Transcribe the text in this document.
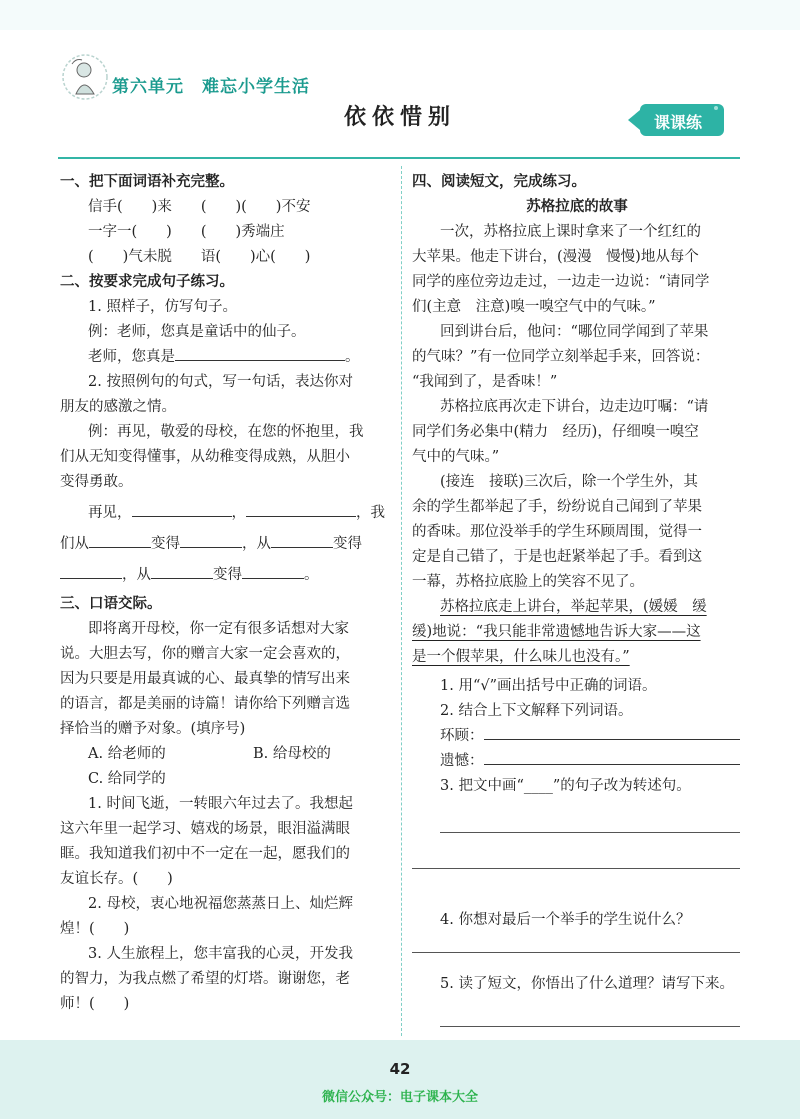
第六单元 难忘小学生活
依依惜别	课课练
一、把下面词语补充完整。
信手(　　)来　　(　　)(　　)不安
一字一(　　)　　(　　)秀端庄
(　　)气未脱　　语(　　)心(　　)
二、按要求完成句子练习。
1. 照样子，仿写句子。
例：老师，您真是童话中的仙子。
老师，您真是	。
2. 按照例句的句式，写一句话，表达你对
朋友的感激之情。
例：再见，敬爱的母校，在您的怀抱里，我
们从无知变得懂事，从幼稚变得成熟，从胆小
变得勇敢。
再见，	，	，我
们从	变得	，从	变得
，从	变得	。
三、口语交际。
即将离开母校，你一定有很多话想对大家
说。大胆去写，你的赠言大家一定会喜欢的，
因为只要是用最真诚的心、最真挚的情写出来
的语言，都是美丽的诗篇！请你给下列赠言选
择恰当的赠予对象。(填序号)
A. 给老师的	B. 给母校的
C. 给同学的
1. 时间飞逝，一转眼六年过去了。我想起
这六年里一起学习、嬉戏的场景，眼泪溢满眼
眶。我知道我们初中不一定在一起，愿我们的
友谊长存。(　　)
2. 母校，衷心地祝福您蒸蒸日上、灿烂辉
煌！(　　)
3. 人生旅程上，您丰富我的心灵，开发我
的智力，为我点燃了希望的灯塔。谢谢您，老
师！(　　)
四、阅读短文，完成练习。
苏格拉底的故事
一次，苏格拉底上课时拿来了一个红红的
大苹果。他走下讲台，(漫漫　慢慢)地从每个
同学的座位旁边走过，一边走一边说：“请同学
们(主意　注意)嗅一嗅空气中的气味。”
回到讲台后，他问：“哪位同学闻到了苹果
的气味？”有一位同学立刻举起手来，回答说：
“我闻到了，是香味！”
苏格拉底再次走下讲台，边走边叮嘱：“请
同学们务必集中(精力　经历)，仔细嗅一嗅空
气中的气味。”
(接连　接联)三次后，除一个学生外，其
余的学生都举起了手，纷纷说自己闻到了苹果
的香味。那位没举手的学生环顾周围，觉得一
定是自己错了，于是也赶紧举起了手。看到这
一幕，苏格拉底脸上的笑容不见了。
苏格拉底走上讲台，举起苹果，(媛媛　缓
缓)地说：“我只能非常遗憾地告诉大家——这
是一个假苹果，什么味儿也没有。”
1. 用“√”画出括号中正确的词语。
2. 结合上下文解释下列词语。
环顾：
遗憾：
3. 把文中画“____”的句子改为转述句。
4. 你想对最后一个举手的学生说什么？
5. 读了短文，你悟出了什么道理？请写下来。
42
微信公众号：电子课本大全
